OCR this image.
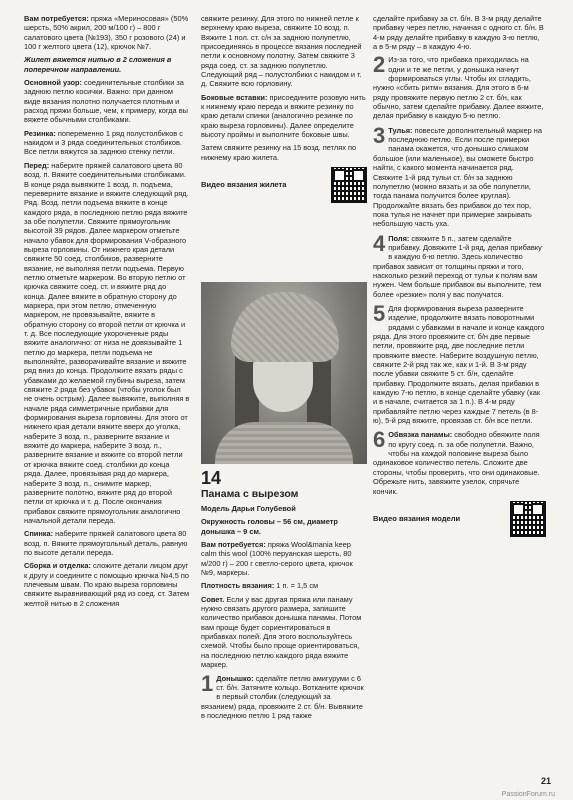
Вам потребуется: пряжа «Мериносовая» (50% шерсть, 50% акрил, 200 м/100 г) – 800 г салатового цвета (№193), 350 г розового (24) и 100 г желтого цвета (12), крючок №7.

Жилет вяжется нитью в 2 сложения в поперечном направлении.

Основной узор: соединительные столбики за заднюю петлю косички. Важно: при данном виде вязания полотно получается плотным и расход пряжи больше, чем, к примеру, когда вы вяжете обычными столбиками.

Резинка: попеременно 1 ряд полустолбиков с накидом и 3 ряда соединительных столбиков. Все петли вяжутся за заднюю стенку петли.

Перед: наберите пряжей салатового цвета 80 возд. п. Вяжите соединительными столбиками. В конце ряда вывяжите 1 возд. п. подъема, переверните вязание и вяжите следующий ряд. Ряд. Возд. петли подъема вяжите в конце каждого ряда, в последнюю петлю ряда вяжите за обе полупетли. Свяжите прямоугольник высотой 39 рядов. Далее маркером отметьте начало убавок для формирования V-образного выреза горловины. От нижнего края детали свяжите 50 соед. столбиков, разверните вязание, не выполняя петли подъема. Первую петлю отметьте маркером. Во вторую петлю от крючка свяжите соед. ст. и вяжите ряд до конца. Далее вяжите в обратную сторону до маркера, при этом петлю, отмеченную маркером, не провязывайте, вяжите в обратную сторону со второй петли от крючка и т. д. Все последующие укороченные ряды вяжите аналогично: от низа не довязывайте 1 петлю до маркера, петли подъема не выполняйте, разворачивайте вязание и вяжите ряд вниз до конца. Продолжите вязать ряды с убавками до желаемой глубины выреза, затем свяжите 2 ряда без убавок (чтобы уголок был не очень острым). Далее вывяжите, выполняя в начале ряда симметричные прибавки для формирования выреза горловины. Для этого от нижнего края детали вяжите вверх до уголка, наберите 3 возд. п., разверните вязание и вяжите до маркера, наберите 3 возд. п., разверните вязание и вяжите со второй петли от крючка вяжите соед. столбики до конца ряда. Далее, провязывая ряд до маркера, наберите 3 возд. п., снимите маркер, разверните полотно, вяжите ряд до второй петли от крючка и т. д. После окончания прибавок свяжите прямоугольник аналогично начальной детали переда.

Спинка: наберите пряжей салатового цвета 80 возд. п. Вяжите прямоугольный деталь, равную по высоте детали переда.

Сборка и отделка: сложите детали лицом друг к другу и соедините с помощью крючка №4,5 по плечевым швам. По краю выреза горловины свяжите выравнивающий ряд из соед. ст. Затем желтой нитью в 2 сложения

свяжите резинку. Для этого по нижней петле к верхнему краю выреза, свяжите 10 возд. п. Вяжите 1 пол. ст. с/н за заднюю полупетлю, присоединяясь в процессе вязания последней петли к основному полотну. Затем свяжите 3 ряда соед. ст. за заднюю полупетлю. Следующий ряд – полустолбики с накидом и т. д. Свяжите всю горловину.

Боковые вставки: присоедините розовую нить к нижнему краю переда и вяжите резинку по краю детали спинки (аналогично резинке по краю выреза горловины). Далее определите высоту проймы и выполните боковые швы.

Затем свяжите резинку на 15 возд. петлях по нижнему краю жилета.

Видео вязания жилета
14
Панама с вырезом

Модель Дарьи Голубевой

Окружность головы – 56 см, диаметр донышка – 9 см.

Вам потребуется: пряжа Wool&mania keep calm this wool (100% перуанская шерсть, 80 м/200 г) – 200 г светло-серого цвета, крючок №9, маркеры.

Плотность вязания: 1 п. = 1,5 см

Совет. Если у вас другая пряжа или панаму нужно связать другого размера, запишите количество прибавок донышка панамы. Потом вам проще будет сориентироваться в прибавках полей. Для этого воспользуйтесь схемой. Чтобы было проще ориентироваться, на последнюю петлю каждого ряда вяжите маркер.

1 Донышко: сделайте петлю амигуруми с 6 ст. б/н. Затяните кольцо. Вотканите крючок в первый столбик (следующий за вязанием) ряда, провяжите 2 ст. б/н. Вывяжите в последнюю петлю 1 ряд также

сделайте прибавку за ст. б/н. В 3-м ряду делайте прибавку через петлю, начиная с одного ст. б/н. В 4-м ряду делайте прибавку в каждую 3-ю петлю, а в 5-м ряду – в каждую 4-ю.

2 Из-за того, что прибавка приходилась на одни и те же петли, у донышка начнут формироваться углы. Чтобы их сгладить, нужно «сбить ритм» вязания. Для этого в 6-м ряду провяжите первую петлю 2 ст. б/н, как обычно, затем сделайте прибавку. Далее вяжите, делая прибавку в каждую 5-ю петлю.
3 Тулья: повесьте дополнительный маркер на последнюю петлю. Если после примерки панама окажется, что донышко слишком большое (или маленькое), вы сможете быстро найти, с какого момента начинается ряд. Свяжите 1-й ряд тульи ст. б/н за заднюю полупетлю (можно вязать и за обе полупетли, тогда панама получится более круглая). Продолжайте вязать без прибавок до тех пор, пока тулья не начнет при примерке закрывать небольшую часть уха.
4 Поля: свяжите 5 п., затем сделайте прибавку. Довяжите 1-й ряд, делая прибавку в каждую 6-ю петлю. Здесь количество прибавок зависит от толщины пряжи и того, насколько резкий переход от тульи к полям вам нужен. Чем больше прибавок вы выполните, тем более «резкие» поля у вас получатся.
5 Для формирования выреза разверните изделие, продолжите вязать поворотными рядами с убавками в начале и конце каждого ряда. Для этого провяжите ст. б/н две первые петли, провяжите ряд, две последние петли провяжите вместе. Наберите воздушную петлю, свяжите 2-й ряд так же, как и 1-й. В 3-м ряду после убавки свяжите 5 ст. б/н, сделайте прибавку. Продолжите вязать, делая прибавки в каждую 7-ю петлю, в конце сделайте убавку (как и в начале, считается за 1 п.). В 4-м ряду прибавляйте петлю через каждые 7 петель (в 8-ю), 5-й ряд вяжите, провязав ст. б/н все петли.
6 Обвязка панамы: свободно обвяжите поля по кругу соед. п. за обе полупетли. Важно, чтобы на каждой половине выреза было одинаковое количество петель. Сложите две стороны, чтобы проверить, что они одинаковые. Обрежьте нить, завяжите узелок, спрячьте кончик.
Видео вязания модели
21
PassionForum.ru
